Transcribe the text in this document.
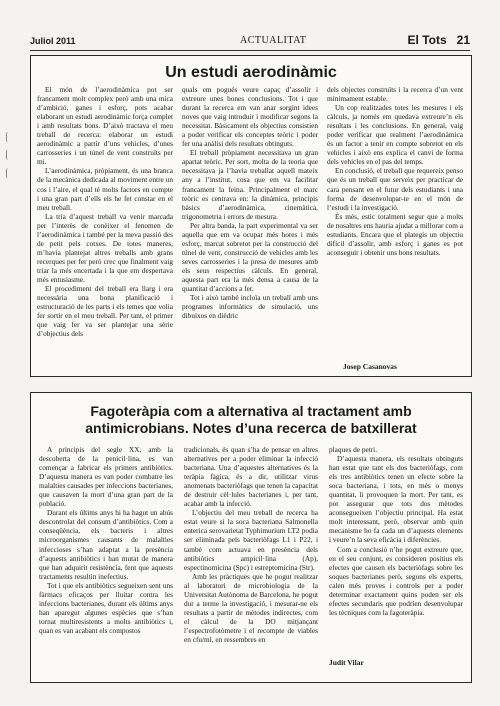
Juliol 2011	ACTUALITAT	El Tots 21
Un estudi aerodinàmic

El món de l’aerodinàmica pot ser francament molt complex però amb una mica d’ambició, ganes i esforç, pots acabar elaborant un estudi aerodinàmic força complet i amb resultats bons. D’això tractava el meu treball de recerca: elaborar un estudi aerodinàmic a partir d’uns vehicles, d’unes carrosseries i un túnel de vent construïts per mi.

L’aerodinàmica, pròpiament, és una branca de la mecànica dedicada al moviment entre un cos i l’aire, el qual té molts factors en compte i una gran part d’ells els he fet constar en el meu treball.

La tria d’aquest treball va venir marcada per l’interès de conèixer el fenomen de l’aerodinàmica i també per la meva passió des de petit pels cotxes. De totes maneres, m’havia plantejat altres treballs amb grans recerques per fer però crec que finalment vaig triar la més encertada i la que em despertava més entusiasme.

El procediment del treball era llarg i era necessària una bona planificació i estructuració de les parts i els temes que volia fer sortir en el meu treball. Per tant, el primer que vaig fer va ser plantejar una sèrie d’objectius dels

quals em pogués veure capaç d’assolir i extreure unes bones conclusions. Tot i que durant la recerca em van anar sorgint idees noves que vaig introduir i modificar segons la necessitat. Bàsicament els objectius consistien a poder verificar els conceptes teòric i poder fer una anàlisi dels resultats obtinguts.

El treball pròpiament necessitava un gran apartat teòric. Per sort, molta de la teoria que necessitava ja l’havia treballat aquell mateix any a l’institut, cosa que em va facilitar francament la feina. Principalment el marc teòric es centrava en: la dinàmica, principis bàsics d’aerodinàmica, cinemàtica, trigonometria i errors de mesura.

Per altra banda, la part experimental va ser aquella que em va ocupar més hores i més esforç, marcat sobretot per la construcció del túnel de vent, construcció de vehicles amb les seves carrosseries i la presa de mesures amb els seus respectius càlculs. En general, aquesta part era la més densa a causa de la quantitat d’accions a fer.

Tot i això també incloïa un treball amb uns programes informàtics de simulació, uns dibuixos en dièdric

dels objectes construïts i la recerca d’un vent mínimament estable.

Un cop realitzades totes les mesures i els càlculs, ja només em quedava extreure’n els resultats i les conclusions. En general, vaig poder verificar que realment l’aerodinàmica és un factor a tenir en compte sobretot en els vehicles i això ens explica el canvi de forma dels vehicles en el pas del temps.

En conclusió, el treball que requereix penso que és un treball que serveix per practicar de cara pensant en el futur dels estudiants i una forma de desenvolupar-te en el món de l’estudi i la investigació.

És més, estic totalment segur que a molts de nosaltres ens hauria ajudat a millorar com a estudiants. Encara que el plategis un objectiu difícil d’assolir, amb esforç i ganes es pot aconseguir i obtenir uns bons resultats.

Josep Casanovas
Fagoteràpia com a alternativa al tractament amb antimicrobians. Notes d’una recerca de batxillerat

A principis del segle XX, amb la descoberta de la penicil·lina, es van començar a fabricar els primers antibiòtics. D’aquesta manera es van poder combatre les malalties causades per infeccions bacterianes, que causaven la mort d’una gran part de la població.

Durant els últims anys hi ha hagut un abús descontrolat del consum d’antibiòtics. Com a conseqüència, els bacteris i altres microorganismes causants de malalties infeccioses s’han adaptat a la presència d’aquests antibiòtics i han mutat de manera que han adquirit resistència, fent que aquests tractaments resultin inefectius.

Tot i que els antibiòtics segueixen sent uns fàrmacs eficaços per lluitar contra les infeccions bacterianes, durant els últims anys han aparegut algunes espècies que s’han tornat multiresistents a molts antibiòtics i, quan es van acabant els compostos

tradicionals, és quan s’ha de pensar en altres alternatives per a poder eliminar la infecció bacteriana. Una d’aquestes alternatives és la teràpia fàgica, és a dir, utilitzar virus anomenats bacteriòfags que tenen la capacitat de destruir cèl·lules bacterianes i, per tant, acabar amb la infecció.

L’objectiu del meu treball de recerca ha estat veure si la soca bacteriana Salmonella enterica serovarietat Typhimurium LT2 podia ser eliminada pels bacteriòfags L1 i P22, i també com actuava en presència dels antibiòtics ampicil·lina (Ap), espectinomicina (Spc) i estreptomicina (Str).

Amb les pràctiques que he pogut realitzar al laboratori de microbiologia de la Universitat Autònoma de Barcelona, he pogut dur a terme la investigació, i mesurar-ne els resultats a partir de mètodes indirectes, com el càlcul de la DO mitjançant l’espectrofotòmetre i el recompte de viables en cfu/ml, en ressembres en

plaques de petri.

D’aquesta manera, els resultats obtinguts han estat que tant els dos bacteriòfags, com els tres antibiòtics tenen un efecte sobre la soca bacteriana, i tots, en més o menys quantitat, li provoquen la mort. Per tant, es pot assegurar que tots dos mètodes aconsegueixen l’objectiu principal. Ha estat molt interessant, però, observar amb quin mecanisme ho fa cada un d’aquests elements i veure’n la seva eficàcia i diferències.

Com a conclusió n’he pogut extreure que, en el seu conjunt, es consideren positius els efectes que causen els bacteriòfags sobre les soques bacterianes però, segons els experts, calen més proves i controls per a poder determinar exactament quins poden ser els efectes secundaris que podrien desenvolupar les tècniques com la fagoteràpia.

Judit Vilar
